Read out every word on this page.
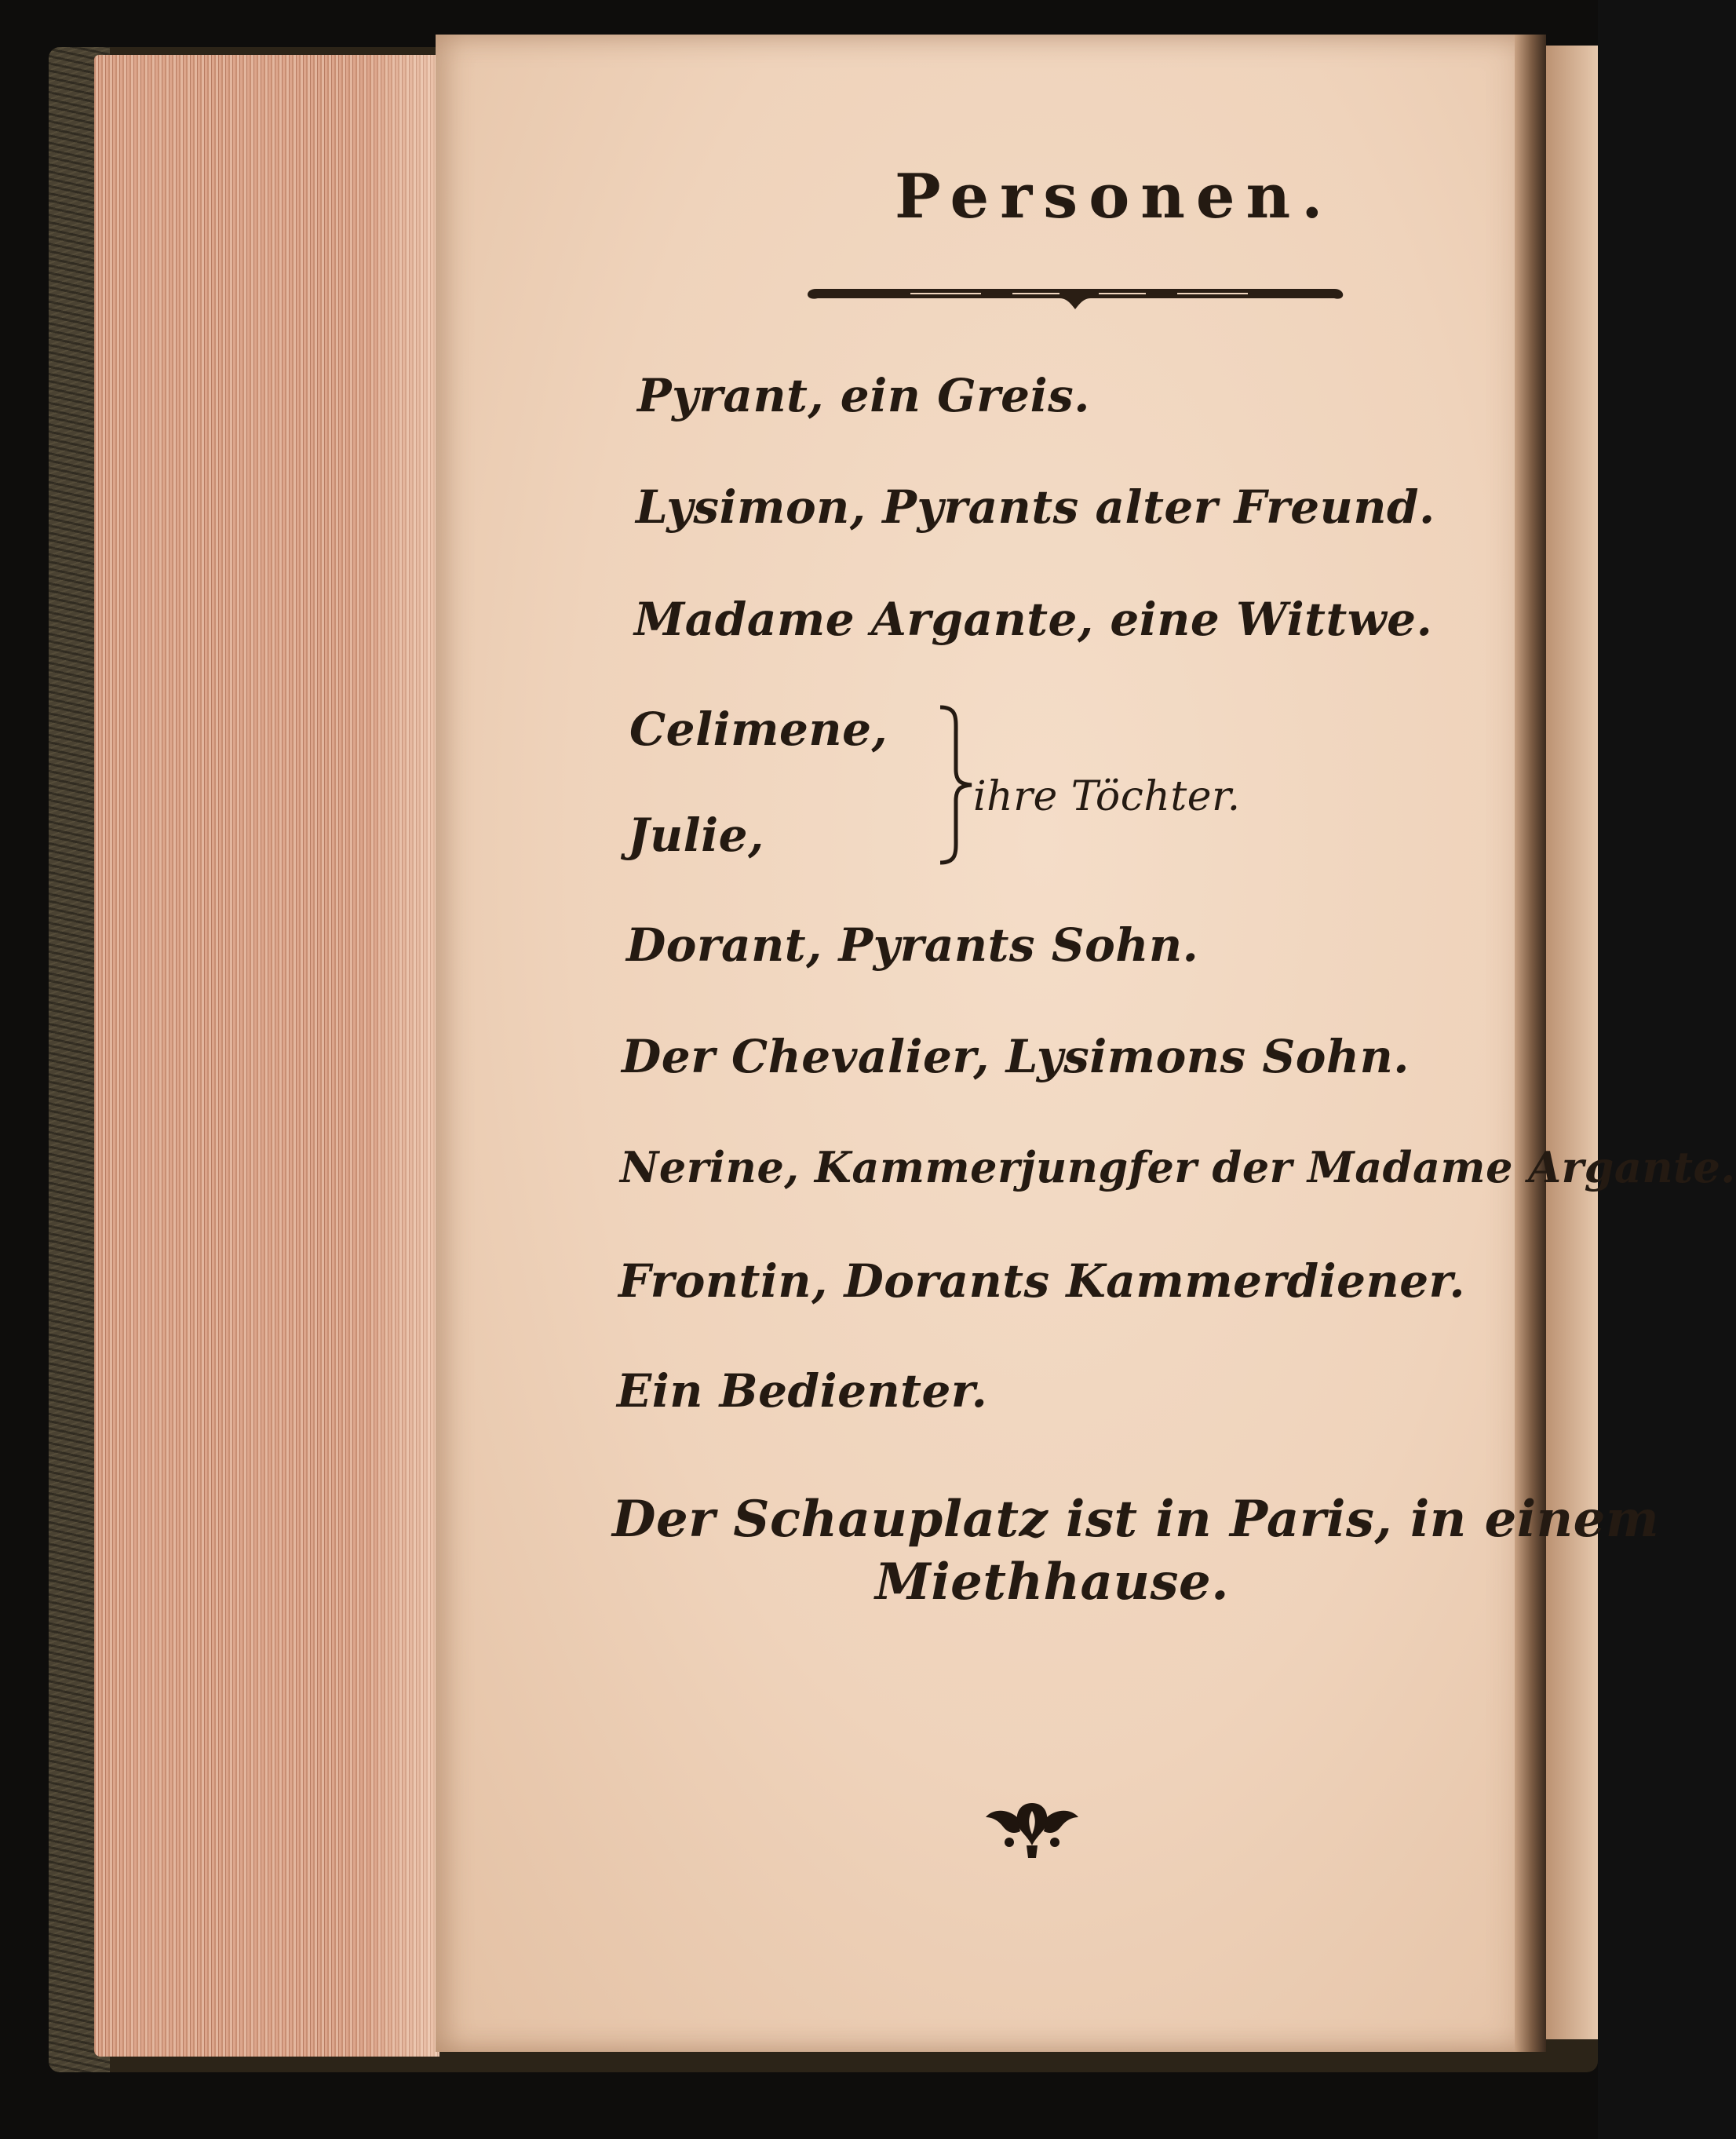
Personen.
Pyrant, ein Greis.
Lysimon, Pyrants alter Freund.
Madame Argante, eine Wittwe.
Celimene,
Julie,
ihre Töchter.
Dorant, Pyrants Sohn.
Der Chevalier, Lysimons Sohn.
Nerine, Kammerjungfer der Madame Argante.
Frontin, Dorants Kammerdiener.
Ein Bedienter.
Der Schauplatz ist in Paris, in einem
Miethhause.
